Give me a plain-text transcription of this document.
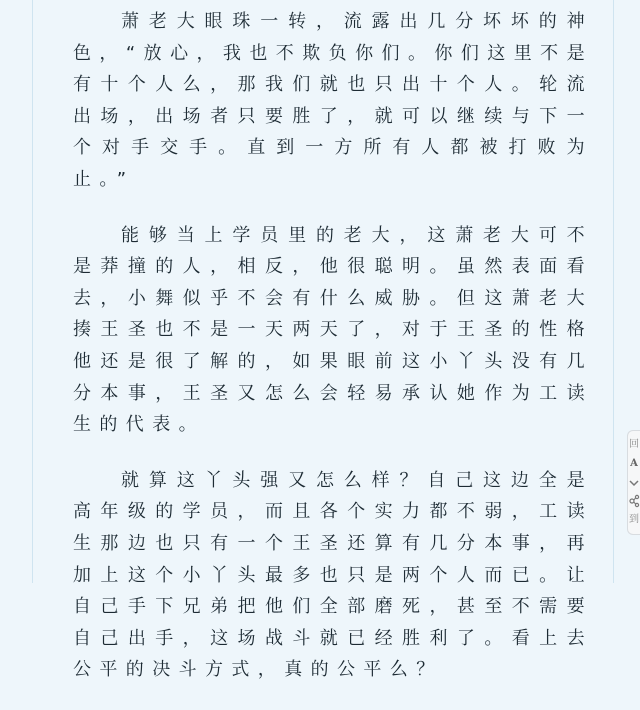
萧老大眼珠一转，流露出几分坏坏的神色，“放心，我也不欺负你们。你们这里不是有十个人么，那我们就也只出十个人。轮流出场，出场者只要胜了，就可以继续与下一个对手交手。直到一方所有人都被打败为止。”

能够当上学员里的老大，这萧老大可不是莽撞的人，相反，他很聪明。虽然表面看去，小舞似乎不会有什么威胁。但这萧老大揍王圣也不是一天两天了，对于王圣的性格他还是很了解的，如果眼前这小丫头没有几分本事，王圣又怎么会轻易承认她作为工读生的代表。

就算这丫头强又怎么样？自己这边全是高年级的学员，而且各个实力都不弱，工读生那边也只有一个王圣还算有几分本事，再加上这个小丫头最多也只是两个人而已。让自己手下兄弟把他们全部磨死，甚至不需要自己出手，这场战斗就已经胜利了。看上去公平的决斗方式，真的公平么？

回
A
到
